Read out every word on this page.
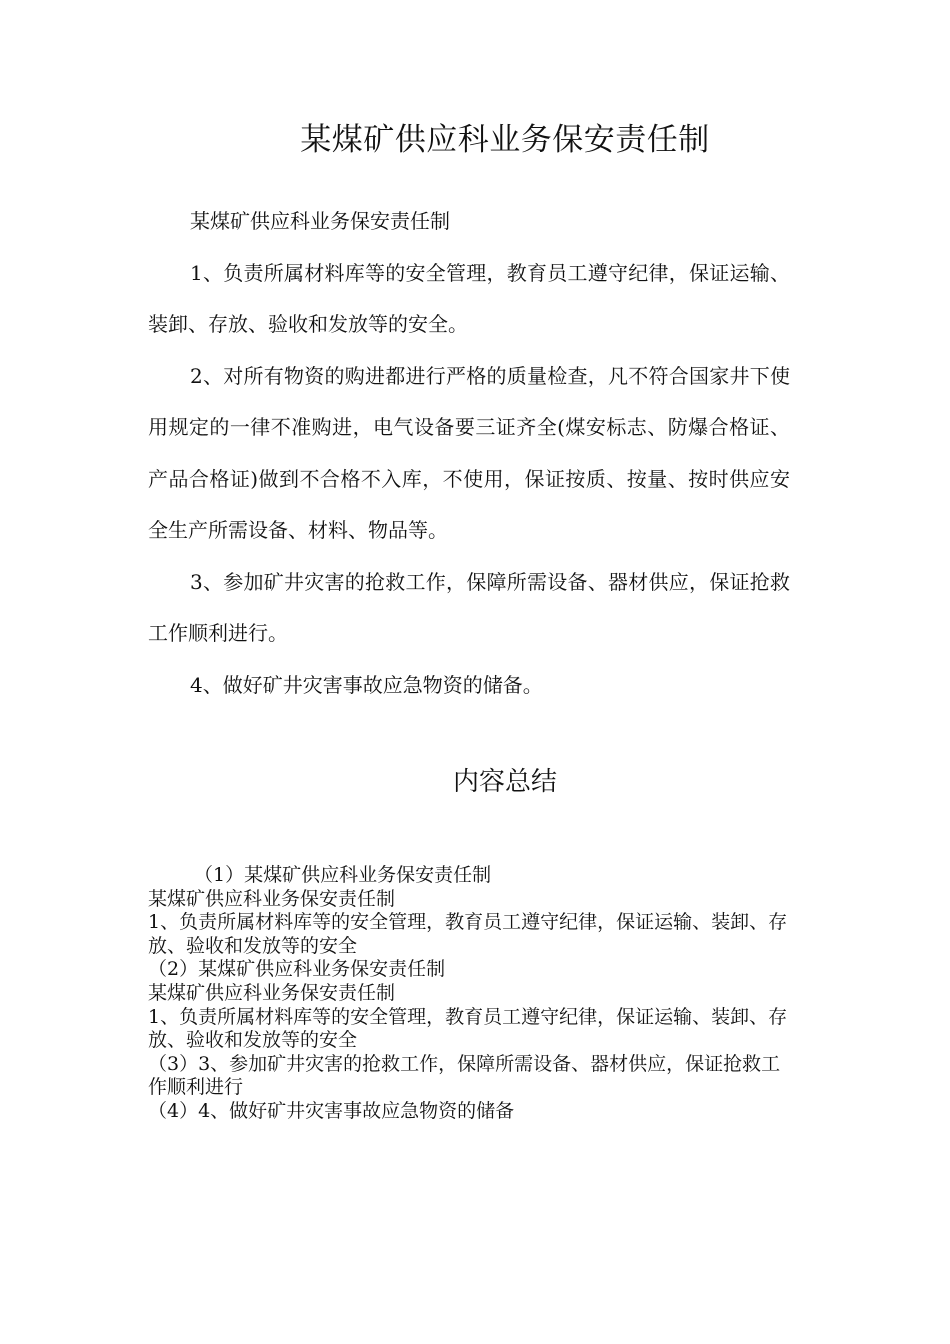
某煤矿供应科业务保安责任制

某煤矿供应科业务保安责任制

1、负责所属材料库等的安全管理，教育员工遵守纪律，保证运输、装卸、存放、验收和发放等的安全。

2、对所有物资的购进都进行严格的质量检查，凡不符合国家井下使用规定的一律不准购进，电气设备要三证齐全(煤安标志、防爆合格证、产品合格证)做到不合格不入库，不使用，保证按质、按量、按时供应安全生产所需设备、材料、物品等。

3、参加矿井灾害的抢救工作，保障所需设备、器材供应，保证抢救工作顺利进行。

4、做好矿井灾害事故应急物资的储备。

内容总结

（1）某煤矿供应科业务保安责任制

某煤矿供应科业务保安责任制

1、负责所属材料库等的安全管理，教育员工遵守纪律，保证运输、装卸、存放、验收和发放等的安全

（2）某煤矿供应科业务保安责任制

某煤矿供应科业务保安责任制

1、负责所属材料库等的安全管理，教育员工遵守纪律，保证运输、装卸、存放、验收和发放等的安全

（3）3、参加矿井灾害的抢救工作，保障所需设备、器材供应，保证抢救工作顺利进行

（4）4、做好矿井灾害事故应急物资的储备
